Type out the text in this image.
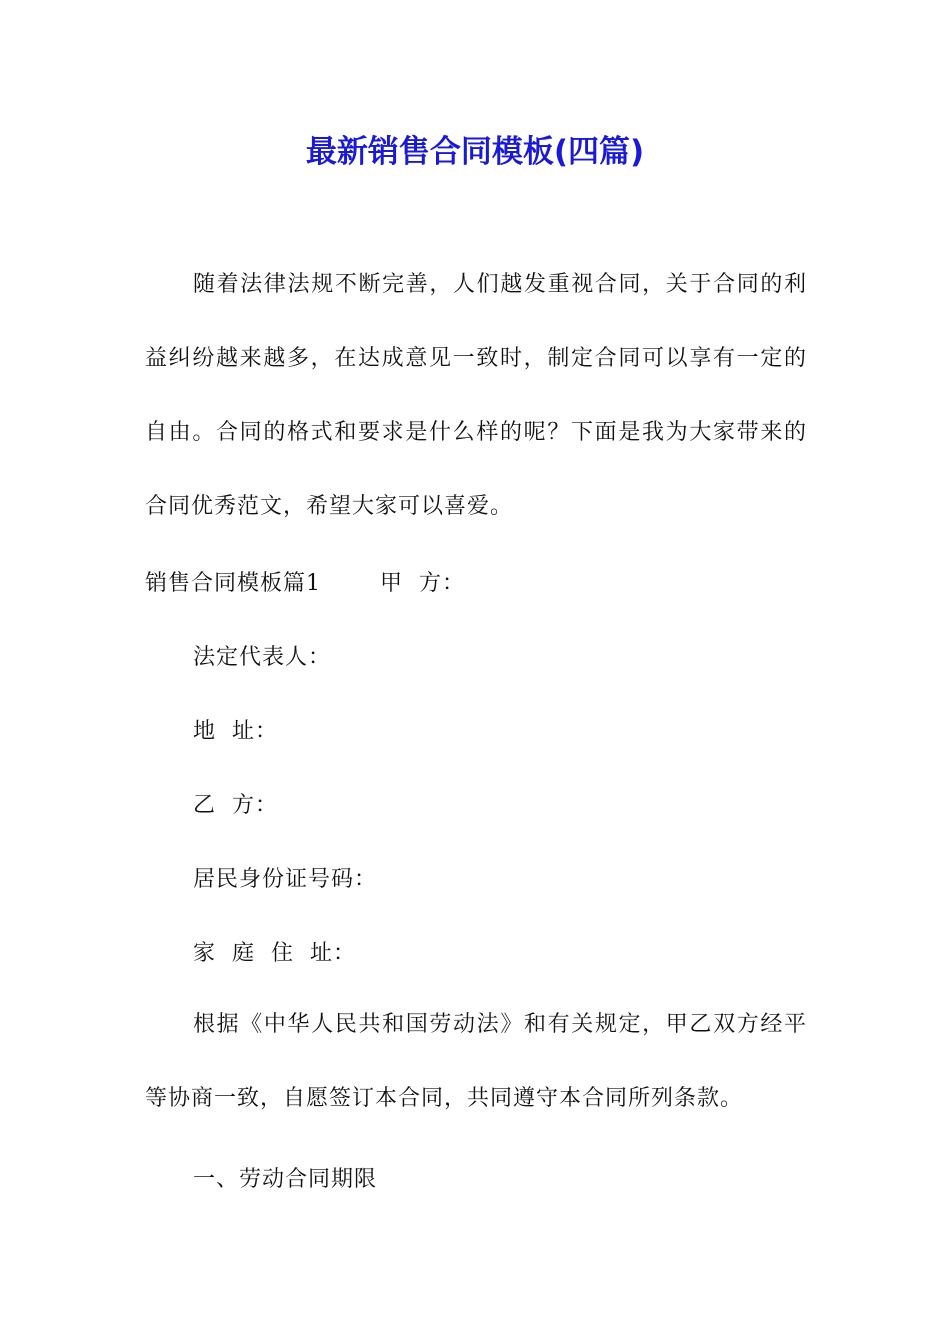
最新销售合同模板(四篇)
随着法律法规不断完善，人们越发重视合同，关于合同的利益纠纷越来越多，在达成意见一致时，制定合同可以享有一定的自由。合同的格式和要求是什么样的呢？下面是我为大家带来的合同优秀范文，希望大家可以喜爱。
销售合同模板篇1	甲  方：
法定代表人：
地  址：
乙  方：
居民身份证号码：
家  庭  住  址：
根据《中华人民共和国劳动法》和有关规定，甲乙双方经平等协商一致，自愿签订本合同，共同遵守本合同所列条款。
一、劳动合同期限
